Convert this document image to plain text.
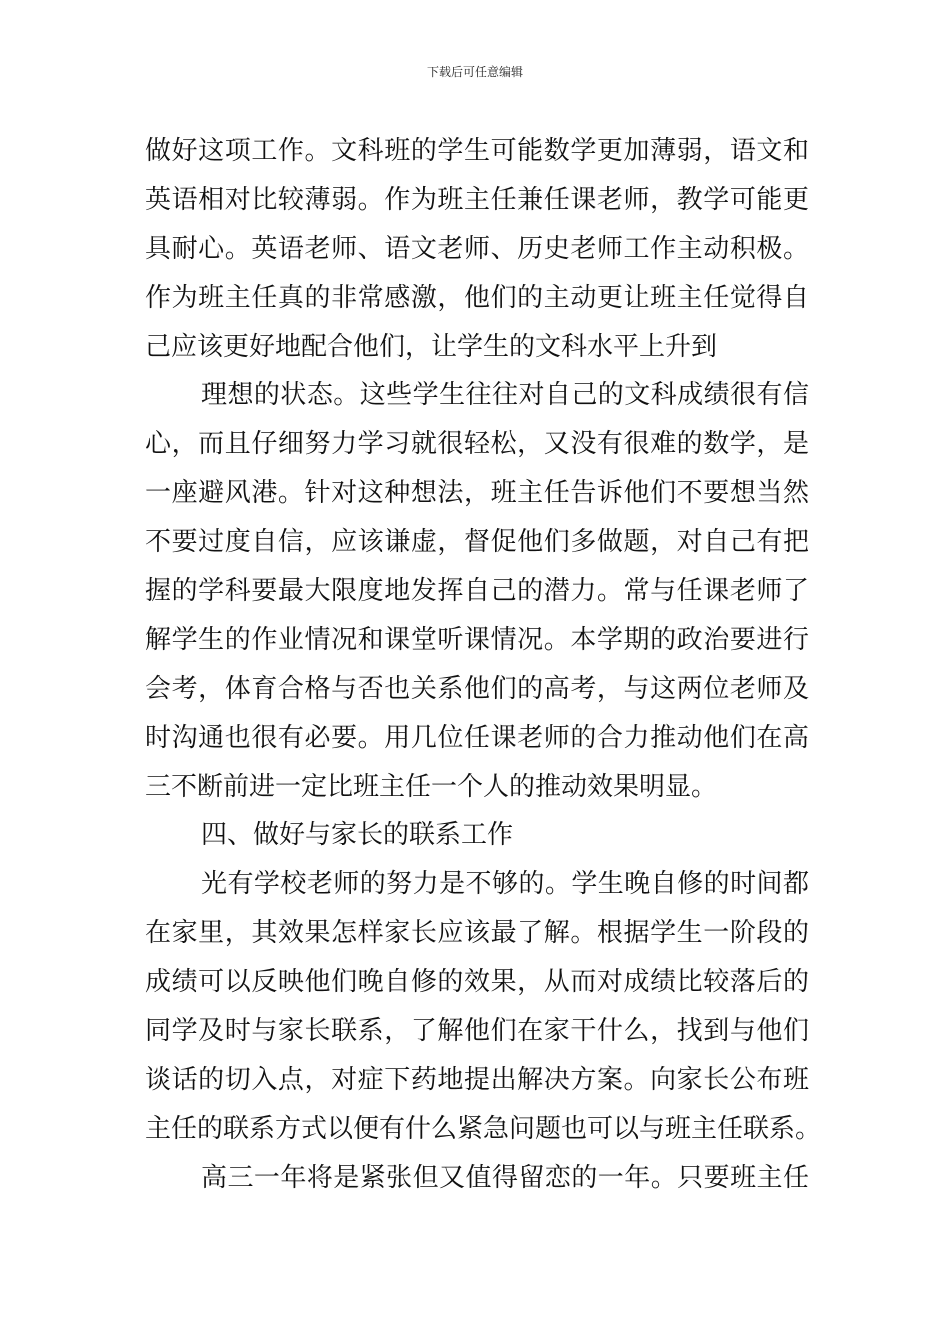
下载后可任意编辑
做好这项工作。文科班的学生可能数学更加薄弱，语文和
英语相对比较薄弱。作为班主任兼任课老师，教学可能更
具耐心。英语老师、语文老师、历史老师工作主动积极。
作为班主任真的非常感激，他们的主动更让班主任觉得自
己应该更好地配合他们，让学生的文科水平上升到
理想的状态。这些学生往往对自己的文科成绩很有信
心，而且仔细努力学习就很轻松，又没有很难的数学，是
一座避风港。针对这种想法，班主任告诉他们不要想当然
不要过度自信，应该谦虚，督促他们多做题，对自己有把
握的学科要最大限度地发挥自己的潜力。常与任课老师了
解学生的作业情况和课堂听课情况。本学期的政治要进行
会考，体育合格与否也关系他们的高考，与这两位老师及
时沟通也很有必要。用几位任课老师的合力推动他们在高
三不断前进一定比班主任一个人的推动效果明显。
四、做好与家长的联系工作
光有学校老师的努力是不够的。学生晚自修的时间都
在家里，其效果怎样家长应该最了解。根据学生一阶段的
成绩可以反映他们晚自修的效果，从而对成绩比较落后的
同学及时与家长联系，了解他们在家干什么，找到与他们
谈话的切入点，对症下药地提出解决方案。向家长公布班
主任的联系方式以便有什么紧急问题也可以与班主任联系。
高三一年将是紧张但又值得留恋的一年。只要班主任
